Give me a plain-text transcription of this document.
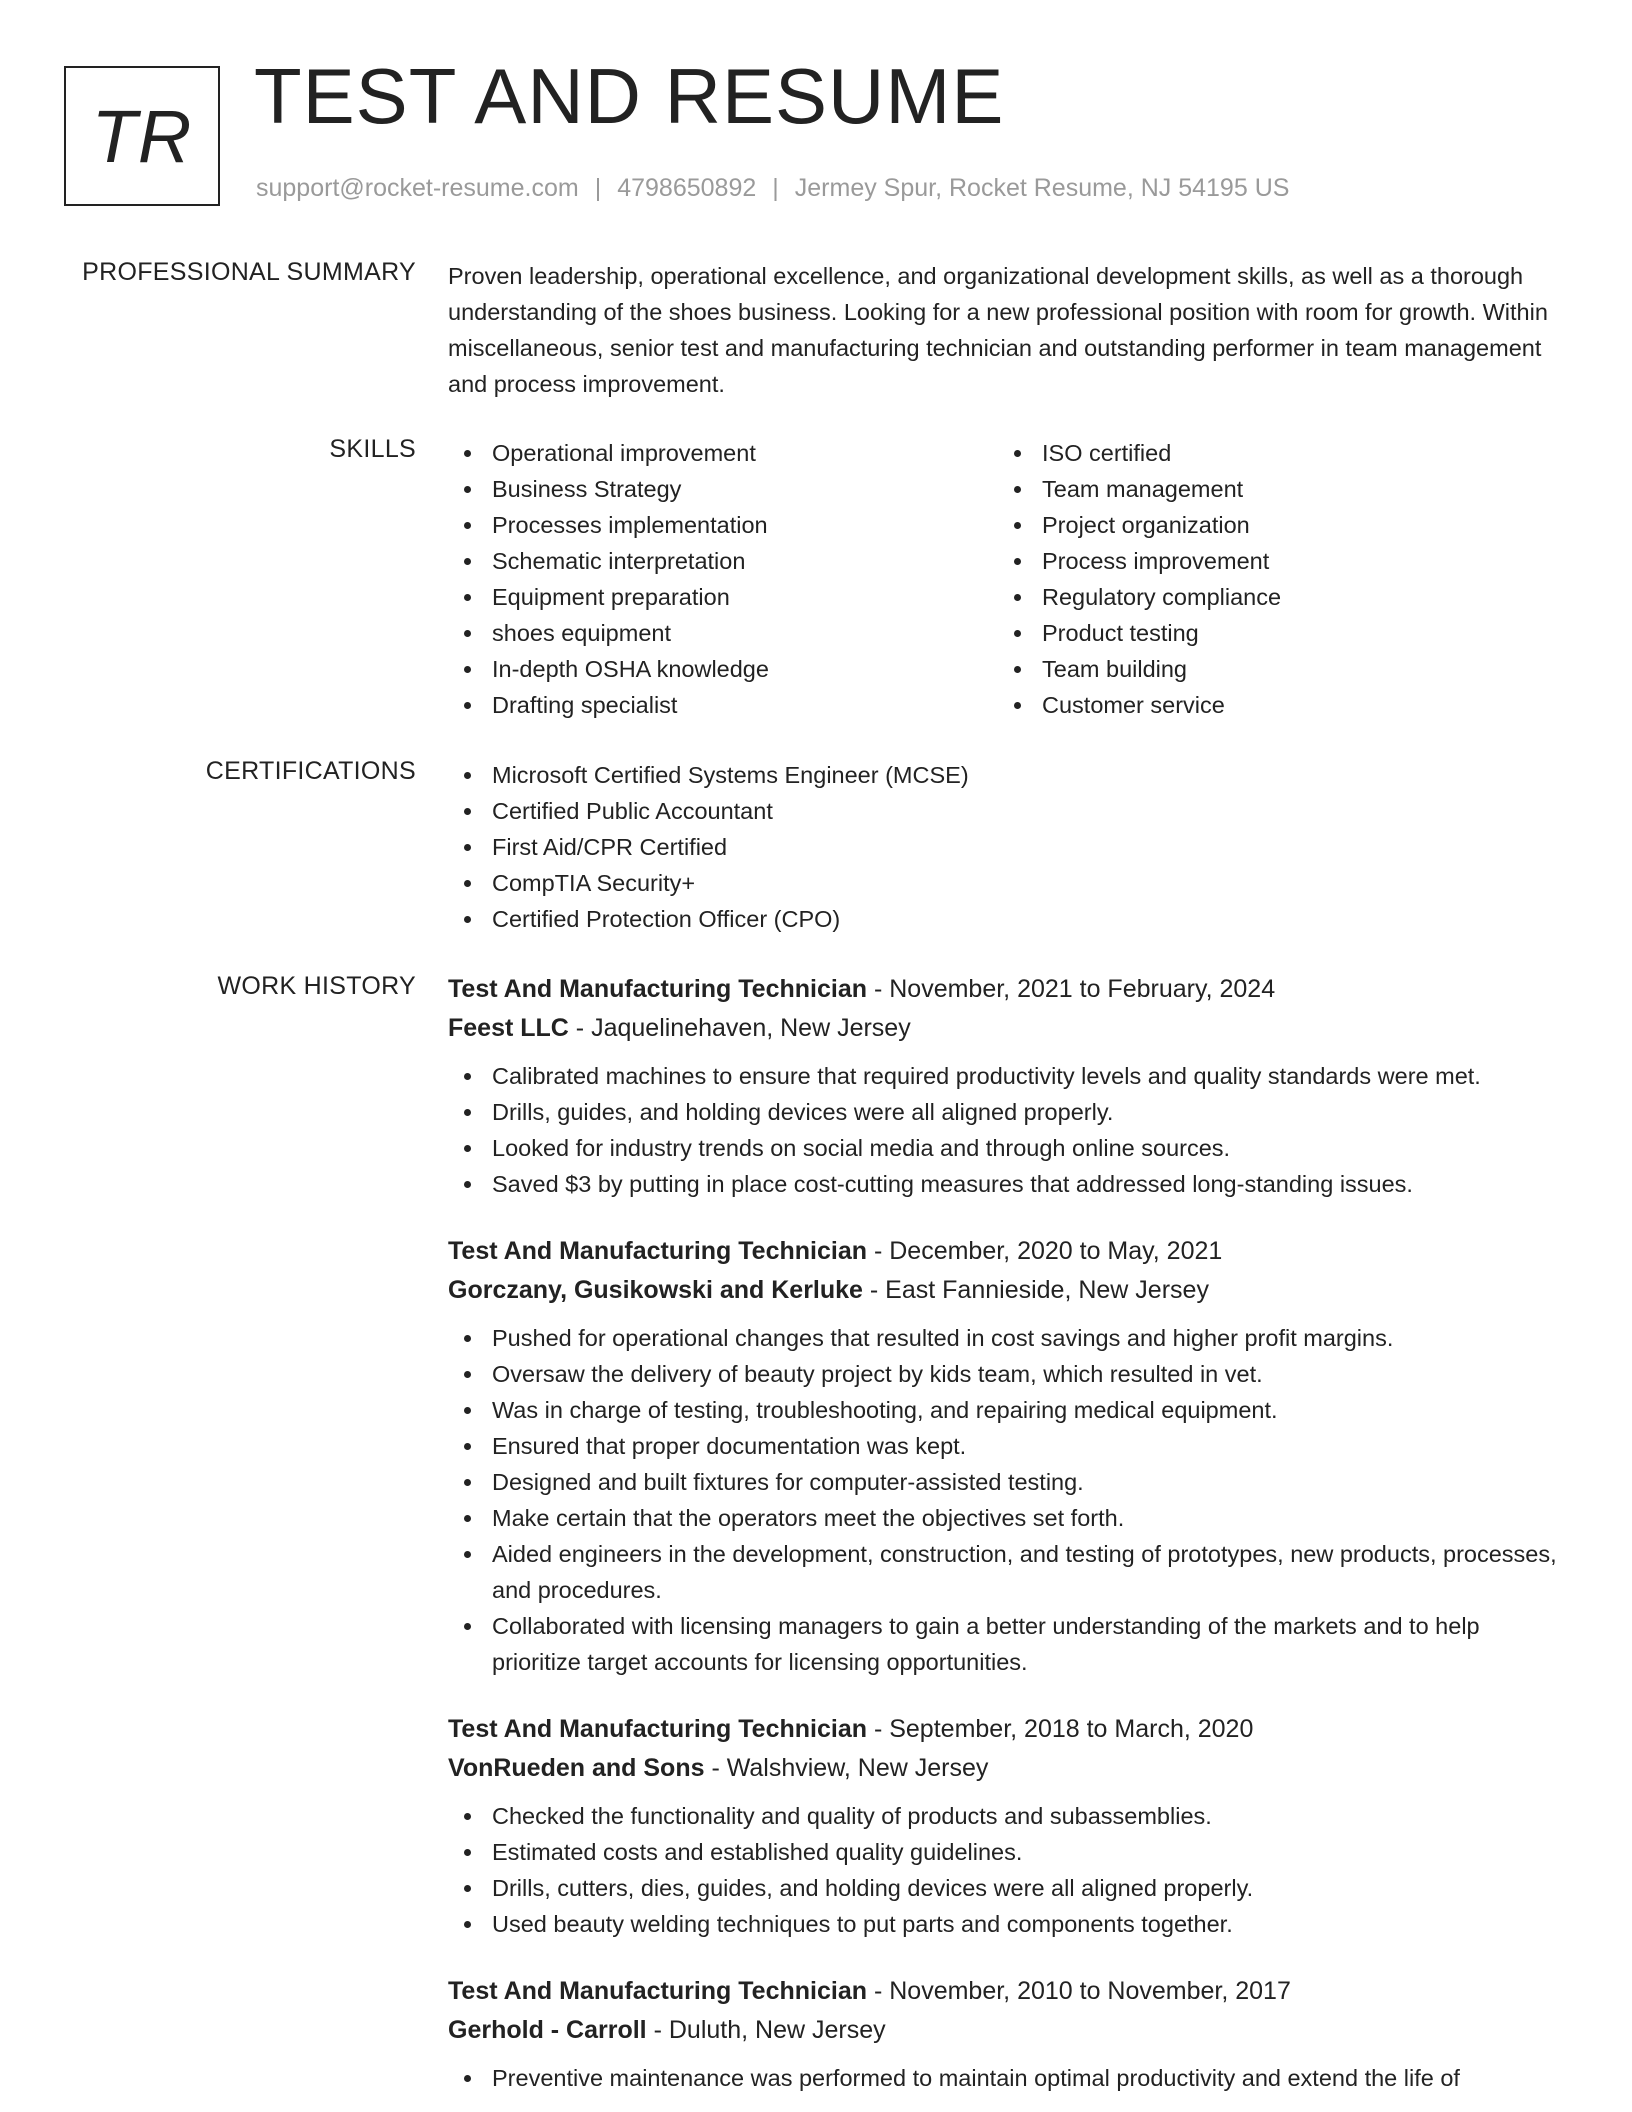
TR TEST AND RESUME
support@rocket-resume.com | 4798650892 | Jermey Spur, Rocket Resume, NJ 54195 US
PROFESSIONAL SUMMARY Proven leadership, operational excellence, and organizational development skills, as well as a thorough understanding of the shoes business. Looking for a new professional position with room for growth. Within miscellaneous, senior test and manufacturing technician and outstanding performer in team management and process improvement.

SKILLS	Operational improvement
Business Strategy
Processes implementation
Schematic interpretation
Equipment preparation
shoes equipment
In-depth OSHA knowledge
Drafting specialist
ISO certified
Team management
Project organization
Process improvement
Regulatory compliance
Product testing
Team building
Customer service
CERTIFICATIONS	Microsoft Certified Systems Engineer (MCSE)
Certified Public Accountant
First Aid/CPR Certified
CompTIA Security+
Certified Protection Officer (CPO)
WORK HISTORY Test And Manufacturing Technician - November, 2021 to February, 2024
Feest LLC - Jaquelinehaven, New Jersey
Calibrated machines to ensure that required productivity levels and quality standards were met.
Drills, guides, and holding devices were all aligned properly.
Looked for industry trends on social media and through online sources.
Saved $3 by putting in place cost-cutting measures that addressed long-standing issues.
Test And Manufacturing Technician - December, 2020 to May, 2021
Gorczany, Gusikowski and Kerluke - East Fannieside, New Jersey
Pushed for operational changes that resulted in cost savings and higher profit margins.
Oversaw the delivery of beauty project by kids team, which resulted in vet.
Was in charge of testing, troubleshooting, and repairing medical equipment.
Ensured that proper documentation was kept.
Designed and built fixtures for computer-assisted testing.
Make certain that the operators meet the objectives set forth.
Aided engineers in the development, construction, and testing of prototypes, new products, processes, and procedures.
Collaborated with licensing managers to gain a better understanding of the markets and to help prioritize target accounts for licensing opportunities.
Test And Manufacturing Technician - September, 2018 to March, 2020
VonRueden and Sons - Walshview, New Jersey
Checked the functionality and quality of products and subassemblies.
Estimated costs and established quality guidelines.
Drills, cutters, dies, guides, and holding devices were all aligned properly.
Used beauty welding techniques to put parts and components together.
Test And Manufacturing Technician - November, 2010 to November, 2017
Gerhold - Carroll - Duluth, New Jersey
Preventive maintenance was performed to maintain optimal productivity and extend the life of
